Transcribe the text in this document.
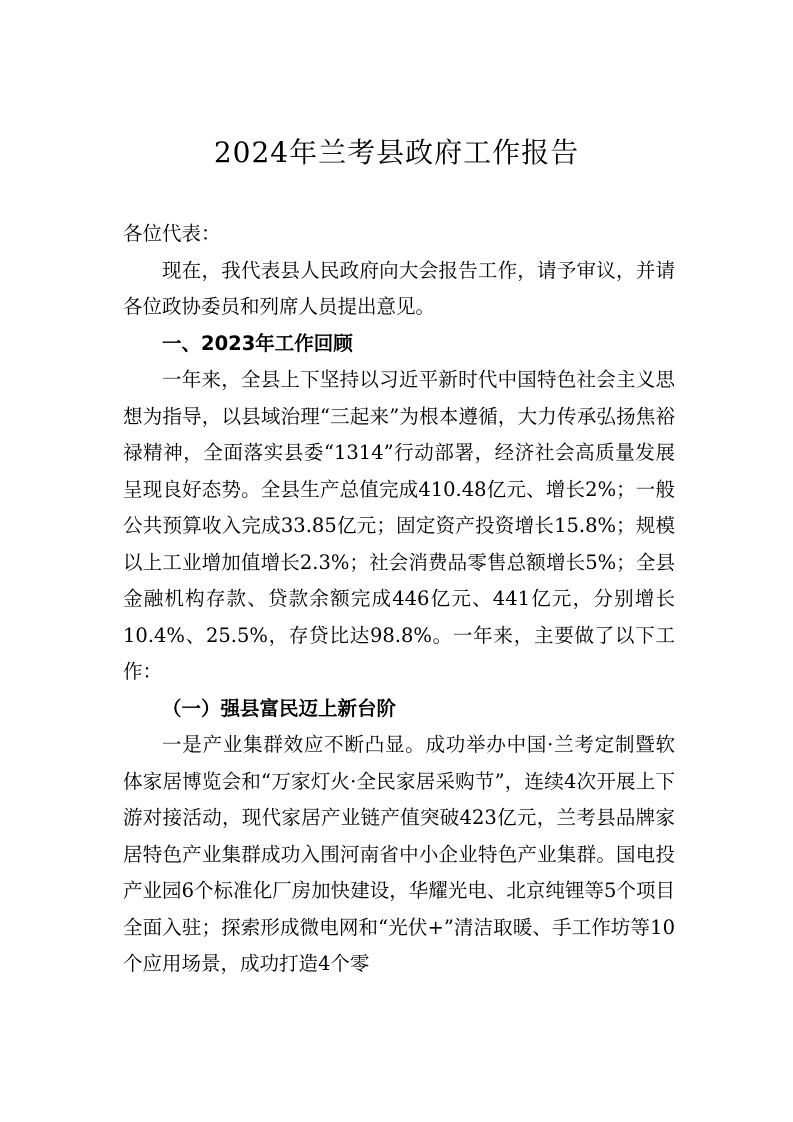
2024年兰考县政府工作报告

各位代表：

现在，我代表县人民政府向大会报告工作，请予审议，并请各位政协委员和列席人员提出意见。

一、2023年工作回顾

一年来，全县上下坚持以习近平新时代中国特色社会主义思想为指导，以县域治理“三起来”为根本遵循，大力传承弘扬焦裕禄精神，全面落实县委“1314”行动部署，经济社会高质量发展呈现良好态势。全县生产总值完成410.48亿元、增长2%；一般公共预算收入完成33.85亿元；固定资产投资增长15.8%；规模以上工业增加值增长2.3%；社会消费品零售总额增长5%；全县金融机构存款、贷款余额完成446亿元、441亿元，分别增长10.4%、25.5%，存贷比达98.8%。一年来，主要做了以下工作：

（一）强县富民迈上新台阶

一是产业集群效应不断凸显。成功举办中国·兰考定制暨软体家居博览会和“万家灯火·全民家居采购节”，连续4次开展上下游对接活动，现代家居产业链产值突破423亿元，兰考县品牌家居特色产业集群成功入围河南省中小企业特色产业集群。国电投产业园6个标准化厂房加快建设，华耀光电、北京纯锂等5个项目全面入驻；探索形成微电网和“光伏+”清洁取暖、手工作坊等10个应用场景，成功打造4个零
